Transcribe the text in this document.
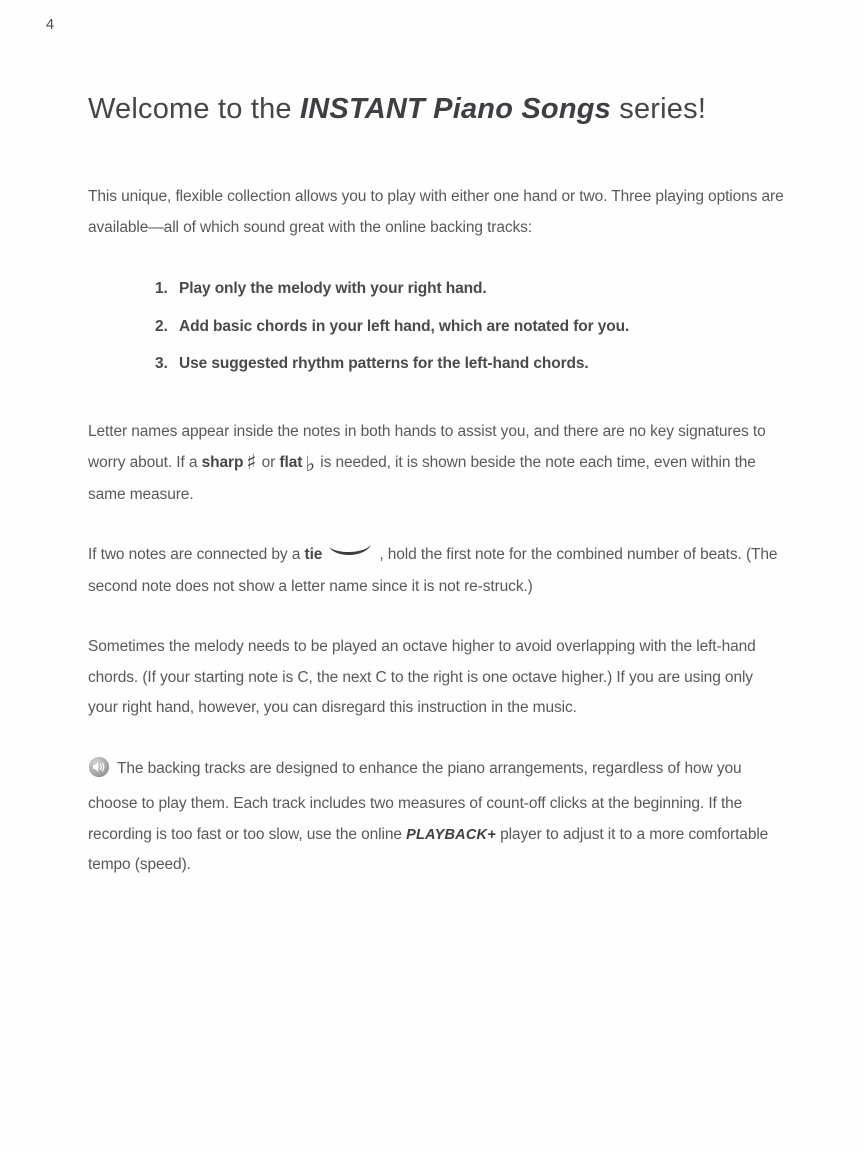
4
Welcome to the INSTANT Piano Songs series!

This unique, flexible collection allows you to play with either one hand or two. Three playing options are available—all of which sound great with the online backing tracks:

1. Play only the melody with your right hand.
2. Add basic chords in your left hand, which are notated for you.
3. Use suggested rhythm patterns for the left-hand chords.

Letter names appear inside the notes in both hands to assist you, and there are no key signatures to worry about. If a sharp ♯ or flat ♭ is needed, it is shown beside the note each time, even within the same measure.

If two notes are connected by a tie	, hold the first note for the combined number of beats. (The second note does not show a letter name since it is not re-struck.)

Sometimes the melody needs to be played an octave higher to avoid overlapping with the left-hand chords. (If your starting note is C, the next C to the right is one octave higher.) If you are using only your right hand, however, you can disregard this instruction in the music.

The backing tracks are designed to enhance the piano arrangements, regardless of how you choose to play them. Each track includes two measures of count-off clicks at the beginning. If the recording is too fast or too slow, use the online PLAYBACK+ player to adjust it to a more comfortable tempo (speed).
